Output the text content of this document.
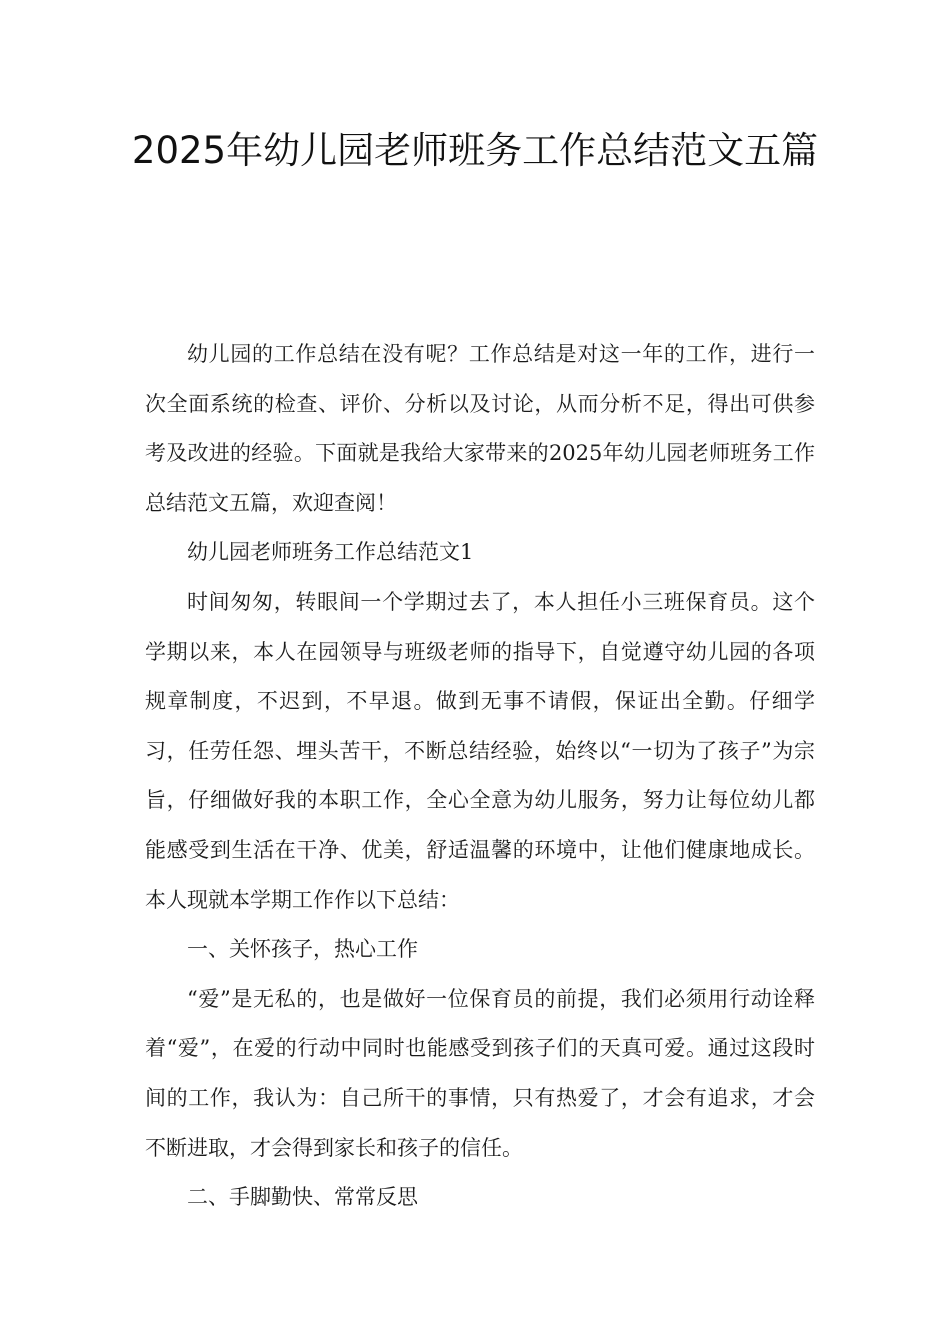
2025年幼儿园老师班务工作总结范文五篇

幼儿园的工作总结在没有呢？工作总结是对这一年的工作，进行一次全面系统的检查、评价、分析以及讨论，从而分析不足，得出可供参考及改进的经验。下面就是我给大家带来的2025年幼儿园老师班务工作总结范文五篇，欢迎查阅！

幼儿园老师班务工作总结范文1

时间匆匆，转眼间一个学期过去了，本人担任小三班保育员。这个学期以来，本人在园领导与班级老师的指导下，自觉遵守幼儿园的各项规章制度，不迟到，不早退。做到无事不请假，保证出全勤。仔细学习，任劳任怨、埋头苦干，不断总结经验，始终以“一切为了孩子”为宗旨，仔细做好我的本职工作，全心全意为幼儿服务，努力让每位幼儿都能感受到生活在干净、优美，舒适温馨的环境中，让他们健康地成长。本人现就本学期工作作以下总结：

一、关怀孩子，热心工作

“爱”是无私的，也是做好一位保育员的前提，我们必须用行动诠释着“爱”，在爱的行动中同时也能感受到孩子们的天真可爱。通过这段时间的工作，我认为：自己所干的事情，只有热爱了，才会有追求，才会不断进取，才会得到家长和孩子的信任。

二、手脚勤快、常常反思
